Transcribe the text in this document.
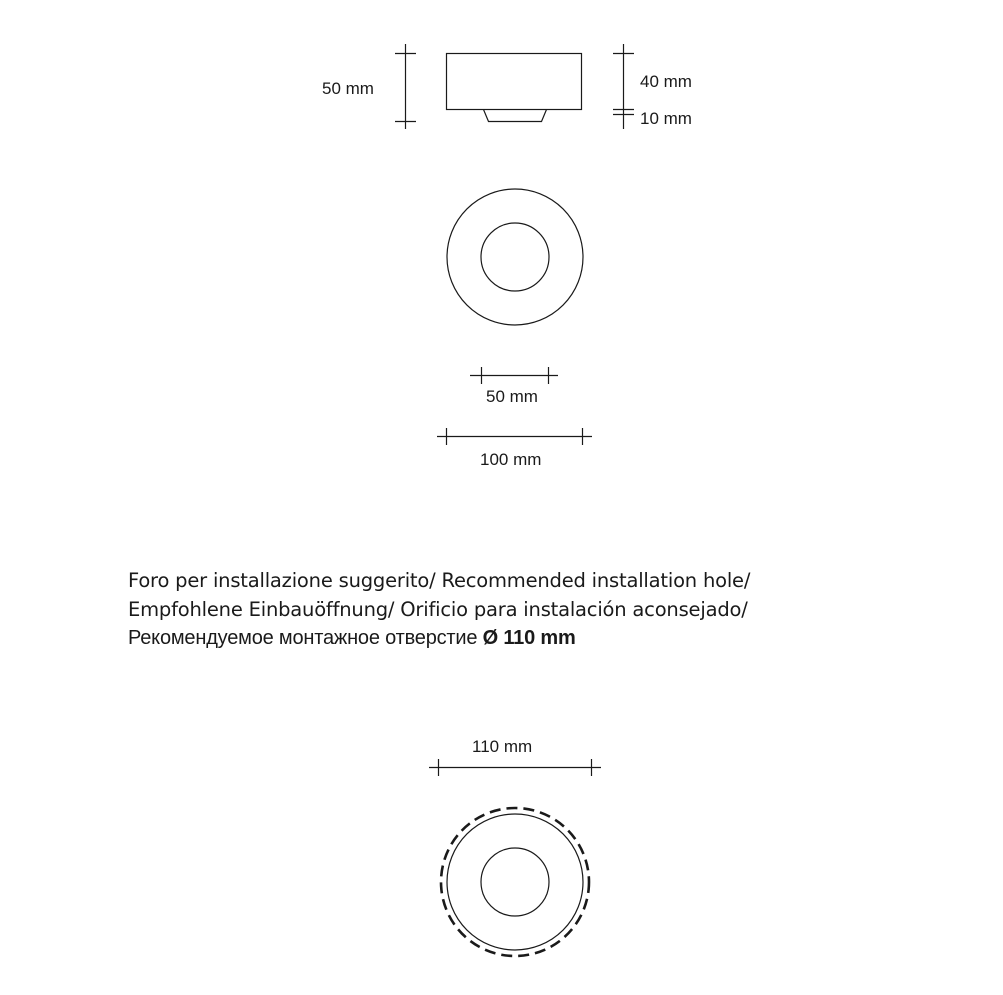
50 mm	40 mm
10 mm
50 mm
100 mm
110 mm
Foro per installazione suggerito/ Recommended installation hole/
Empfohlene Einbauöffnung/ Orificio para instalación aconsejado/
Рекомендуемое монтажное отверстие Ø 110 mm
